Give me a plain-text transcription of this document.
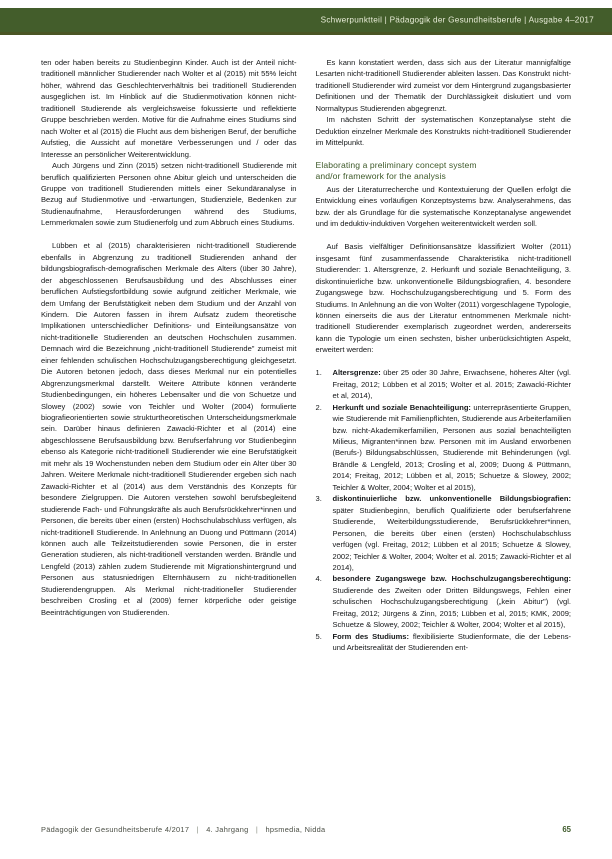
Schwerpunktteil | Pädagogik der Gesundheitsberufe | Ausgabe 4–2017

ten oder haben bereits zu Studienbeginn Kinder. Auch ist der Anteil nicht-traditionell männlicher Studierender nach Wolter et al (2015) mit 55% leicht höher, während das Geschlechterverhältnis bei traditionell Studierenden ausgeglichen ist. Im Hinblick auf die Studienmotivation können nicht-traditionell Studierende als vergleichsweise fokussierte und reflektierte Gruppe beschrieben werden. Motive für die Aufnahme eines Studiums sind nach Wolter et al (2015) die Flucht aus dem bisherigen Beruf, der berufliche Aufstieg, die Aussicht auf monetäre Verbesserungen und / oder das Interesse an persönlicher Weiterentwicklung.

Auch Jürgens und Zinn (2015) setzen nicht-traditionell Studierende mit beruflich qualifizierten Personen ohne Abitur gleich und unterscheiden die Gruppe von traditionell Studierenden mittels einer Sekundäranalyse in Bezug auf Studienmotive und -erwartungen, Studienziele, Bedenken zur Studienaufnahme, Herausforderungen während des Studiums, Lernmerkmalen sowie zum Studienerfolg und zum Abbruch eines Studiums.

Lübben et al (2015) charakterisieren nicht-traditionell Studierende ebenfalls in Abgrenzung zu traditionell Studierenden anhand der bildungsbiografisch-demografischen Merkmale des Alters (über 30 Jahre), der abgeschlossenen Berufsausbildung und des Abschlusses einer beruflichen Aufstiegsfortbildung sowie aufgrund zeitlicher Merkmale, wie dem Umfang der Berufstätigkeit neben dem Studium und der Anzahl von Kindern. Die Autoren fassen in ihrem Aufsatz zudem theoretische Implikationen unterschiedlicher Definitions- und Einteilungsansätze von nicht-traditionelle Studierenden an deutschen Hochschulen zusammen. Demnach wird die Bezeichnung „nicht-traditionell Studierende" zumeist mit einer fehlenden schulischen Hochschulzugangsberechtigung gleichgesetzt. Die Autoren betonen jedoch, dass dieses Merkmal nur ein potentielles Abgrenzungsmerkmal darstellt. Weitere Attribute können veränderte Studienbedingungen, ein höheres Lebensalter und die von Schuetze und Slowey (2002) sowie von Teichler und Wolter (2004) formulierte biografieorientierten sowie strukturtheoretischen Unterscheidungsmerkmale sein. Darüber hinaus definieren Zawacki-Richter et al (2014) eine abgeschlossene Berufsausbildung bzw. Berufserfahrung vor Studienbeginn ebenso als Kategorie nicht-traditionell Studierender wie eine Berufstätigkeit mit mehr als 19 Wochenstunden neben dem Studium oder ein Alter über 30 Jahren. Weitere Merkmale nicht-traditionell Studierender ergeben sich nach Zawacki-Richter et al (2014) aus dem Verständnis des Konzepts für besondere Zielgruppen. Die Autoren verstehen sowohl berufsbegleitend studierende Fach- und Führungskräfte als auch Berufsrückkehrer*innen und Personen, die bereits über einen (ersten) Hochschulabschluss verfügen, als nicht-traditionell Studierende. In Anlehnung an Duong und Püttmann (2014) können auch alle Teilzeitstudierenden sowie Personen, die in erster Generation studieren, als nicht-traditionell verstanden werden. Brändle und Lengfeld (2013) zählen zudem Studierende mit Migrationshintergrund und Personen aus statusniedrigen Elternhäusern zu nicht-traditionellen Studierendengruppen. Als Merkmal nicht-traditioneller Studierender beschreiben Crosling et al (2009) ferner körperliche oder geistige Beeinträchtigungen von Studierenden.

Es kann konstatiert werden, dass sich aus der Literatur mannigfaltige Lesarten nicht-traditionell Studierender ableiten lassen. Das Konstrukt nicht-traditionell Studierender wird zumeist vor dem Hintergrund zugangsbasierter Definitionen und der Thematik der Durchlässigkeit diskutiert und vom Normaltypus Studierenden abgegrenzt.

Im nächsten Schritt der systematischen Konzeptanalyse steht die Deduktion einzelner Merkmale des Konstrukts nicht-traditionell Studierender im Mittelpunkt.

Elaborating a preliminary concept system
and/or framework for the analysis

Aus der Literaturrecherche und Kontextuierung der Quellen erfolgt die Entwicklung eines vorläufigen Konzeptsystems bzw. Analyserahmens, das bzw. der als Grundlage für die systematische Konzeptanalyse angewendet und im deduktiv-induktiven Vorgehen weiterentwickelt werden soll.

Auf Basis vielfältiger Definitionsansätze klassifiziert Wolter (2011) insgesamt fünf zusammenfassende Charakteristika nicht-traditionell Studierender: 1. Altersgrenze, 2. Herkunft und soziale Benachteiligung, 3. diskontinuierliche bzw. unkonventionelle Bildungsbiografien, 4. besondere Zugangswege bzw. Hochschulzugangsberechtigung und 5. Form des Studiums. In Anlehnung an die von Wolter (2011) vorgeschlagene Typologie, können einerseits die aus der Literatur entnommenen Merkmale nicht-traditionell Studierender exemplarisch zugeordnet werden, andererseits kann die Typologie um einen sechsten, bisher unberücksichtigten Aspekt, erweitert werden:

Altersgrenze: über 25 oder 30 Jahre, Erwachsene, höheres Alter (vgl. Freitag, 2012; Lübben et al 2015; Wolter et al. 2015; Zawacki-Richter et al, 2014),
Herkunft und soziale Benachteiligung: unterrepräsentierte Gruppen, wie Studierende mit Familienpflichten, Studierende aus Arbeiterfamilien bzw. nicht-Akademikerfamilien, Personen aus sozial benachteiligten Milieus, Migranten*innen bzw. Personen mit im Ausland erworbenen (Berufs-) Bildungsabschlüssen, Studierende mit Behinderungen (vgl. Brändle & Lengfeld, 2013; Crosling et al, 2009; Duong & Püttmann, 2014; Freitag, 2012; Lübben et al, 2015; Schuetze & Slowey, 2002; Teichler & Wolter, 2004; Wolter et al 2015),
diskontinuierliche bzw. unkonventionelle Bildungsbiografien: später Studienbeginn, beruflich Qualifizierte oder berufserfahrene Studierende, Weiterbildungsstudierende, Berufsrückkehrer*innen, Personen, die bereits über einen (ersten) Hochschulabschluss verfügen (vgl. Freitag, 2012; Lübben et al 2015; Schuetze & Slowey, 2002; Teichler & Wolter, 2004; Wolter et al. 2015; Zawacki-Richter et al 2014),
besondere Zugangswege bzw. Hochschulzugangsberechtigung: Studierende des Zweiten oder Dritten Bildungswegs, Fehlen einer schulischen Hochschulzugangsberechtigung („kein Abitur") (vgl. Freitag, 2012; Jürgens & Zinn, 2015; Lübben et al, 2015; KMK, 2009; Schuetze & Slowey, 2002; Teichler & Wolter, 2004; Wolter et al 2015),
Form des Studiums: flexibilisierte Studienformate, die der Lebens- und Arbeitsrealität der Studierenden ent-
Pädagogik der Gesundheitsberufe 4/2017 | 4. Jahrgang | hpsmedia, Nidda	65
